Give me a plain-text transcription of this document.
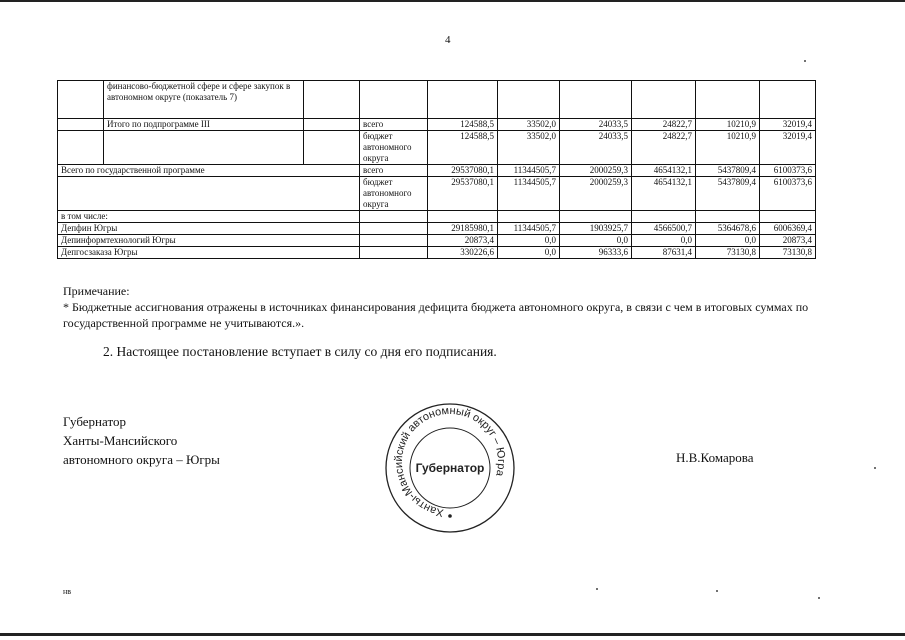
4
	финансово-бюджетной сфере и сфере закупок в автономном округе (показатель 7)								
	Итого по подпрограмме III		всего	124588,5	33502,0	24033,5	24822,7	10210,9	32019,4
			бюджет автономного округа	124588,5	33502,0	24033,5	24822,7	10210,9	32019,4
Всего по государственной программе			всего	29537080,1	11344505,7	2000259,3	4654132,1	5437809,4	6100373,6
			бюджет автономного округа	29537080,1	11344505,7	2000259,3	4654132,1	5437809,4	6100373,6
в том числе:									
Депфин Югры				29185980,1	11344505,7	1903925,7	4566500,7	5364678,6	6006369,4
Депинформтехнологий Югры				20873,4	0,0	0,0	0,0	0,0	20873,4
Депгосзаказа Югры				330226,6	0,0	96333,6	87631,4	73130,8	73130,8
Примечание:
* Бюджетные ассигнования отражены в источниках финансирования дефицита бюджета автономного округа, в связи с чем в итоговых суммах по государственной программе не учитываются.».
2. Настоящее постановление вступает в силу со дня его подписания.
Губернатор
Ханты-Мансийского
автономного округа – Югры
Ханты-Мансийский автономный округ – Югра
Губернатор
Н.В.Комарова
нв
